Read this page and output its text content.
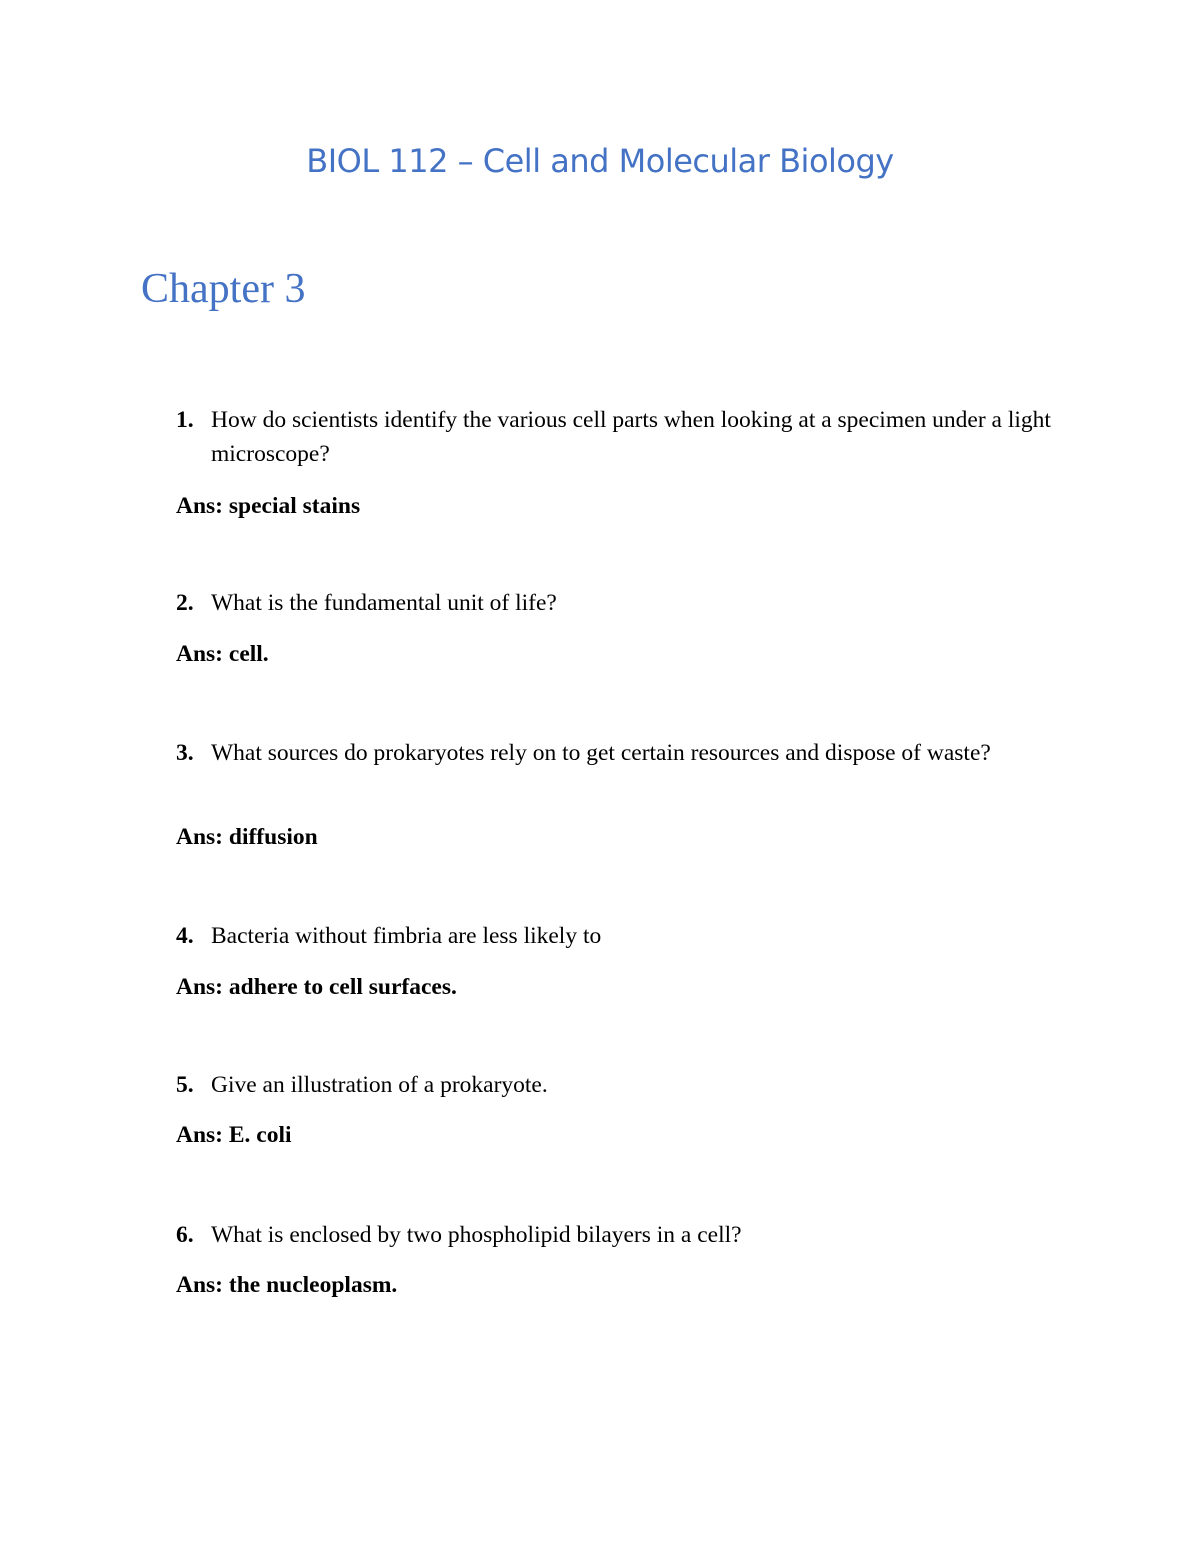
BIOL 112 – Cell and Molecular Biology
Chapter 3
1. How do scientists identify the various cell parts when looking at a specimen under a light microscope?
Ans: special stains
2. What is the fundamental unit of life?
Ans: cell.
3. What sources do prokaryotes rely on to get certain resources and dispose of waste?
Ans: diffusion
4. Bacteria without fimbria are less likely to
Ans: adhere to cell surfaces.
5. Give an illustration of a prokaryote.
Ans: E. coli
6. What is enclosed by two phospholipid bilayers in a cell?
Ans: the nucleoplasm.
